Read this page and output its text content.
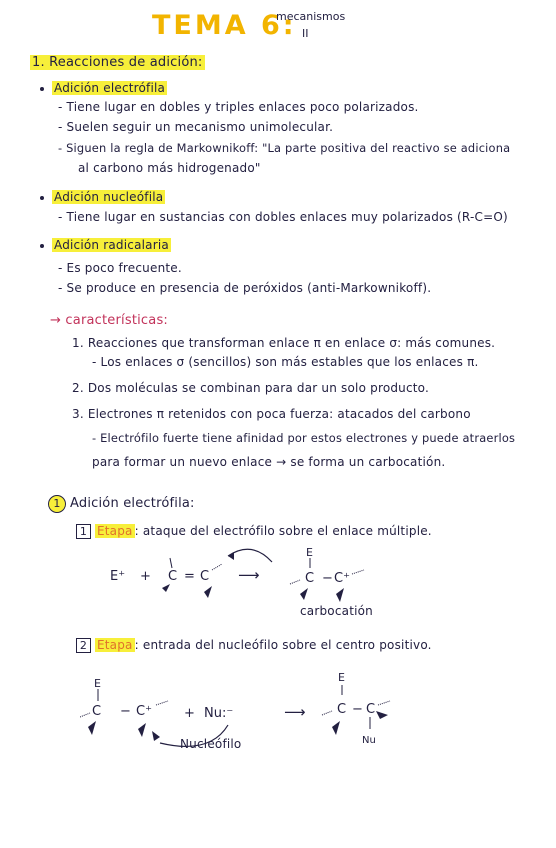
TEMA 6:
mecanismos
II
1. Reacciones de adición:
Adición electrófila
- Tiene lugar en dobles y triples enlaces poco polarizados.
- Suelen seguir un mecanismo unimolecular.
- Siguen la regla de Markownikoff: "La parte positiva del reactivo se adiciona
al carbono más hidrogenado"
Adición nucleófila
- Tiene lugar en sustancias con dobles enlaces muy polarizados (R-C=O)
Adición radicalaria
- Es poco frecuente.
- Se produce en presencia de peróxidos (anti-Markownikoff).
→ características:
1. Reacciones que transforman enlace π en enlace σ: más comunes.
- Los enlaces σ (sencillos) son más estables que los enlaces π.
2. Dos moléculas se combinan para dar un solo producto.
3. Electrones π retenidos con poca fuerza: atacados del carbono
- Electrófilo fuerte tiene afinidad por estos electrones y puede atraerlos
para formar un nuevo enlace → se forma un carbocatión.
1 Adición electrófila:
1 Etapa : ataque del electrófilo sobre el enlace múltiple.
E⁺ + C = C ⟶
E
C − C⁺
carbocatión
2 Etapa : entrada del nucleófilo sobre el centro positivo.
E
C − C⁺ + Nu:⁻	⟶
E
C − C
Nu
Nucleófilo
